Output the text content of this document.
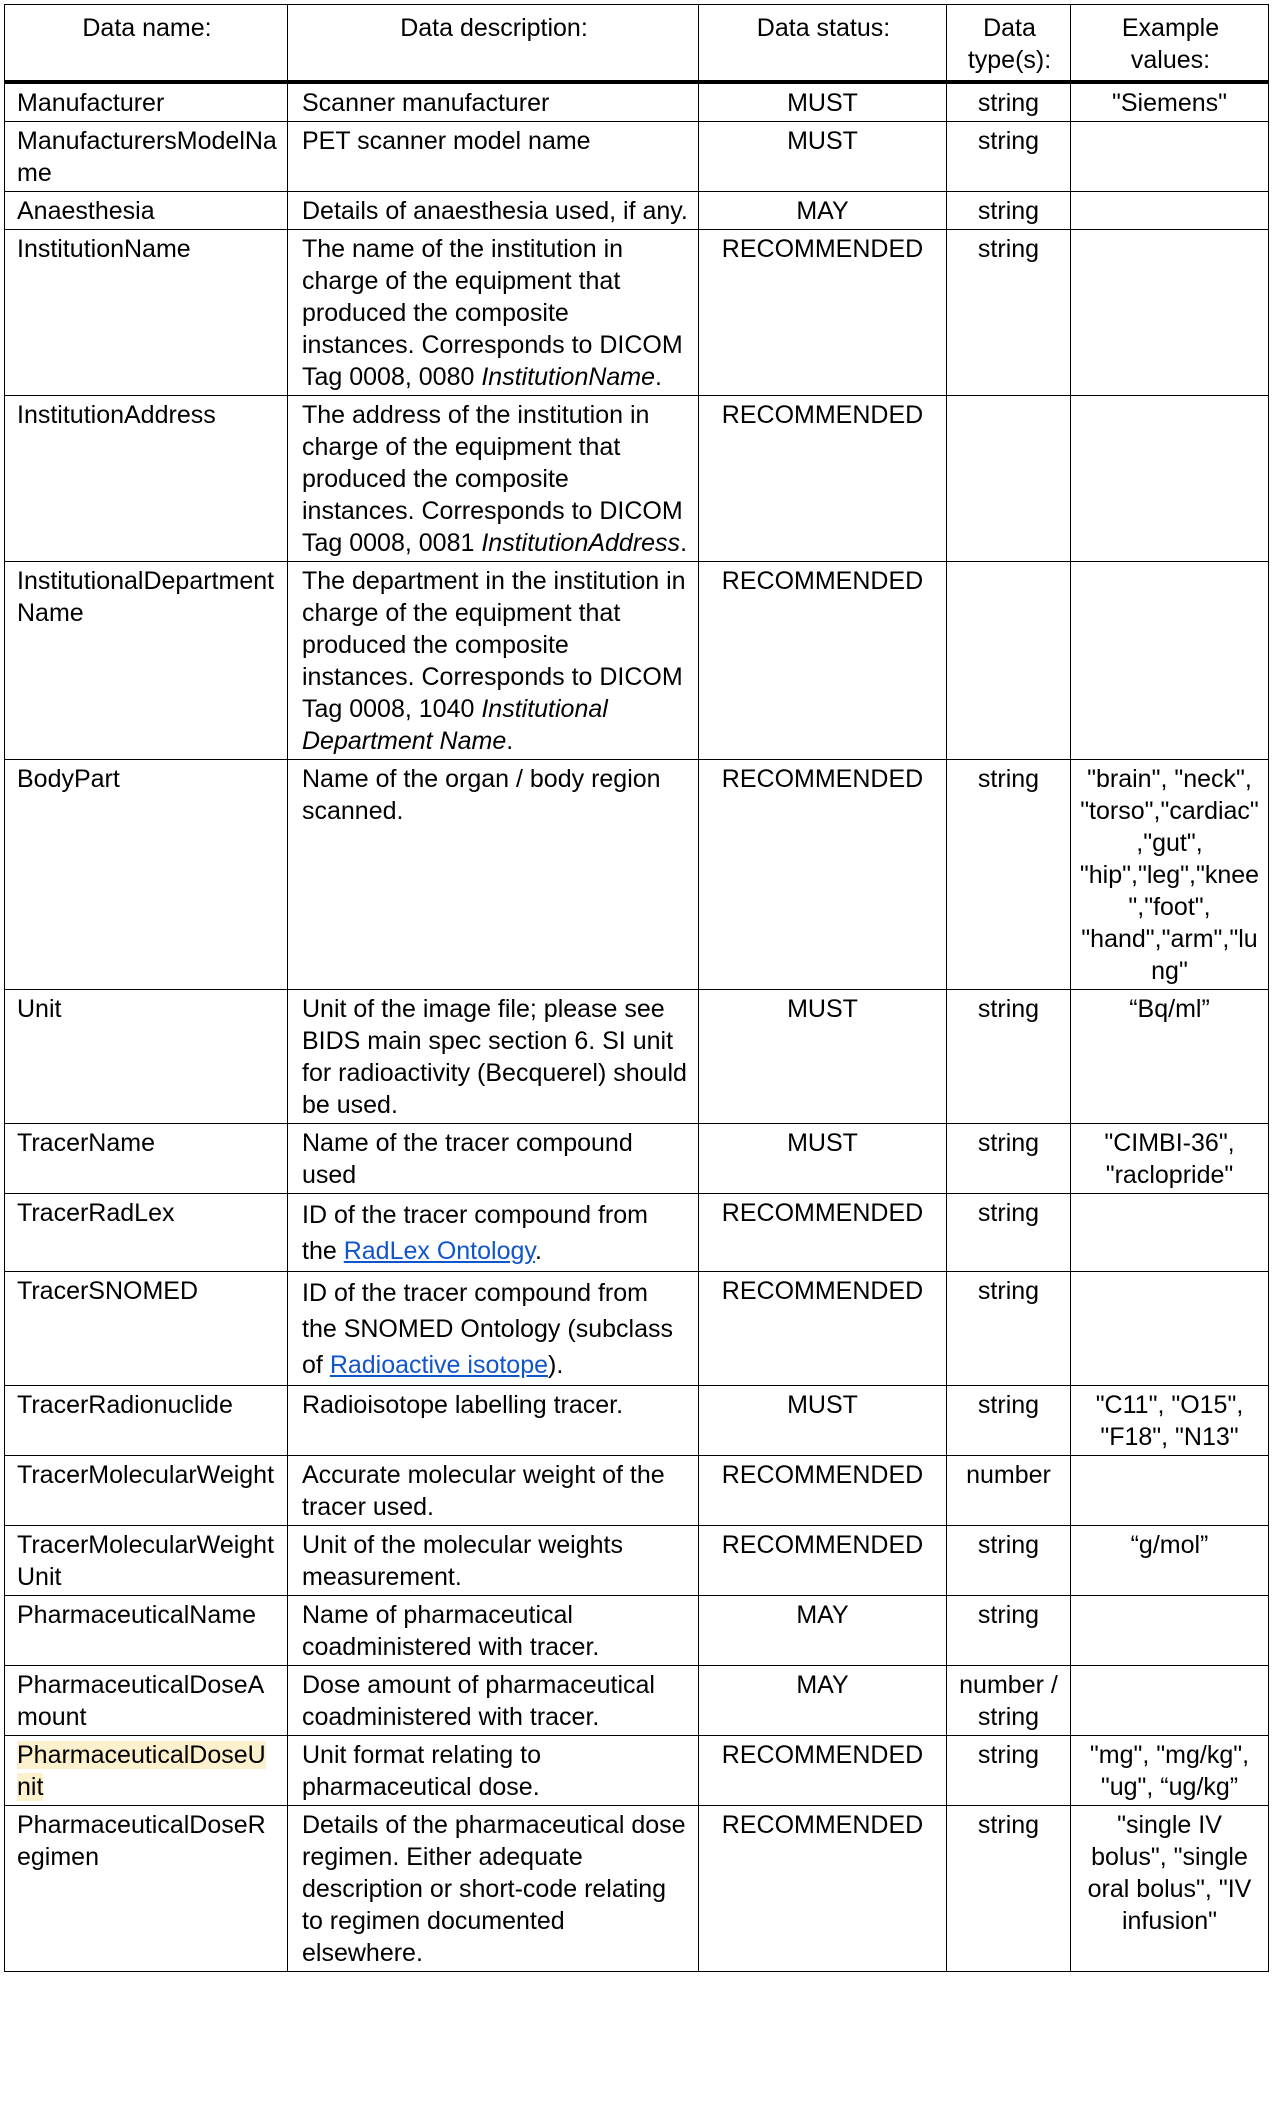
Data name:	Data description:	Data status:	Data type(s):	Example values:
Manufacturer	Scanner manufacturer	MUST	string	"Siemens"
ManufacturersModelName	PET scanner model name	MUST	string	
Anaesthesia	Details of anaesthesia used, if any.	MAY	string	
InstitutionName	The name of the institution in charge of the equipment that produced the composite instances. Corresponds to DICOM Tag 0008, 0080 InstitutionName.	RECOMMENDED	string	
InstitutionAddress	The address of the institution in charge of the equipment that produced the composite instances. Corresponds to DICOM Tag 0008, 0081 InstitutionAddress.	RECOMMENDED		
InstitutionalDepartmentName	The department in the institution in charge of the equipment that produced the composite instances. Corresponds to DICOM Tag 0008, 1040 Institutional Department Name.	RECOMMENDED		
BodyPart	Name of the organ / body region scanned.	RECOMMENDED	string	"brain", "neck", "torso","cardiac","gut", "hip","leg","knee","foot", "hand","arm","lung"
Unit	Unit of the image file; please see BIDS main spec section 6. SI unit for radioactivity (Becquerel) should be used.	MUST	string	“Bq/ml”
TracerName	Name of the tracer compound used	MUST	string	"CIMBI-36", "raclopride"
TracerRadLex	ID of the tracer compound from the RadLex Ontology.	RECOMMENDED	string	
TracerSNOMED	ID of the tracer compound from the SNOMED Ontology (subclass of Radioactive isotope).	RECOMMENDED	string	
TracerRadionuclide	Radioisotope labelling tracer.	MUST	string	"C11", "O15", "F18", "N13"
TracerMolecularWeight	Accurate molecular weight of the tracer used.	RECOMMENDED	number	
TracerMolecularWeightUnit	Unit of the molecular weights measurement.	RECOMMENDED	string	“g/mol”
PharmaceuticalName	Name of pharmaceutical coadministered with tracer.	MAY	string	
PharmaceuticalDoseAmount	Dose amount of pharmaceutical coadministered with tracer.	MAY	number / string	
PharmaceuticalDoseUnit	Unit format relating to pharmaceutical dose.	RECOMMENDED	string	"mg", "mg/kg", "ug", “ug/kg”
PharmaceuticalDoseRegimen	Details of the pharmaceutical dose regimen. Either adequate description or short-code relating to regimen documented elsewhere.	RECOMMENDED	string	"single IV bolus", "single oral bolus", "IV infusion"
